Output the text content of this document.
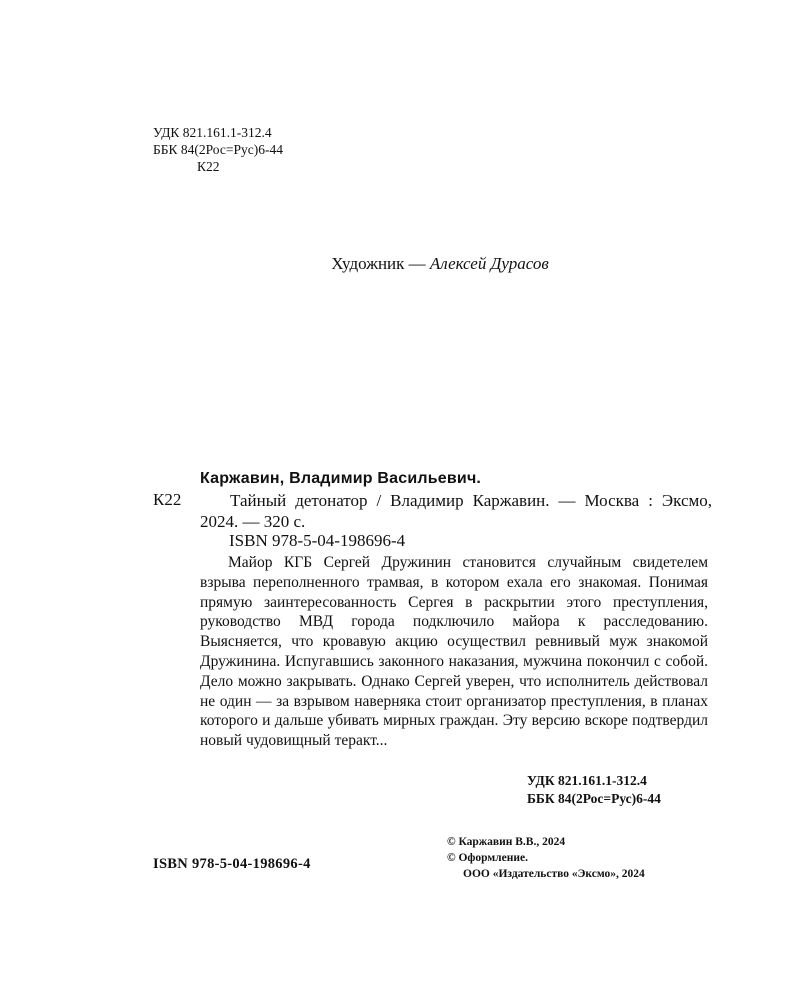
УДК 821.161.1-312.4
ББК 84(2Рос=Рус)6-44
К22
Художник — Алексей Дурасов
Каржавин, Владимир Васильевич.
К22	Тайный детонатор / Владимир Каржавин. — Москва : Эксмо, 2024. — 320 с.
ISBN 978-5-04-198696-4
Майор КГБ Сергей Дружинин становится случайным свидетелем взрыва переполненного трамвая, в котором ехала его знакомая. Понимая прямую заинтересованность Сергея в раскрытии этого преступления, руководство МВД города подключило майора к расследованию. Выясняется, что кровавую акцию осуществил ревнивый муж знакомой Дружинина. Испугавшись законного наказания, мужчина покончил с собой. Дело можно закрывать. Однако Сергей уверен, что исполнитель действовал не один — за взрывом наверняка стоит организатор преступления, в планах которого и дальше убивать мирных граждан. Эту версию вскоре подтвердил новый чудовищный теракт...
УДК 821.161.1-312.4
ББК 84(2Рос=Рус)6-44
ISBN 978-5-04-198696-4
© Каржавин В.В., 2024
© Оформление.
ООО «Издательство «Эксмо», 2024
